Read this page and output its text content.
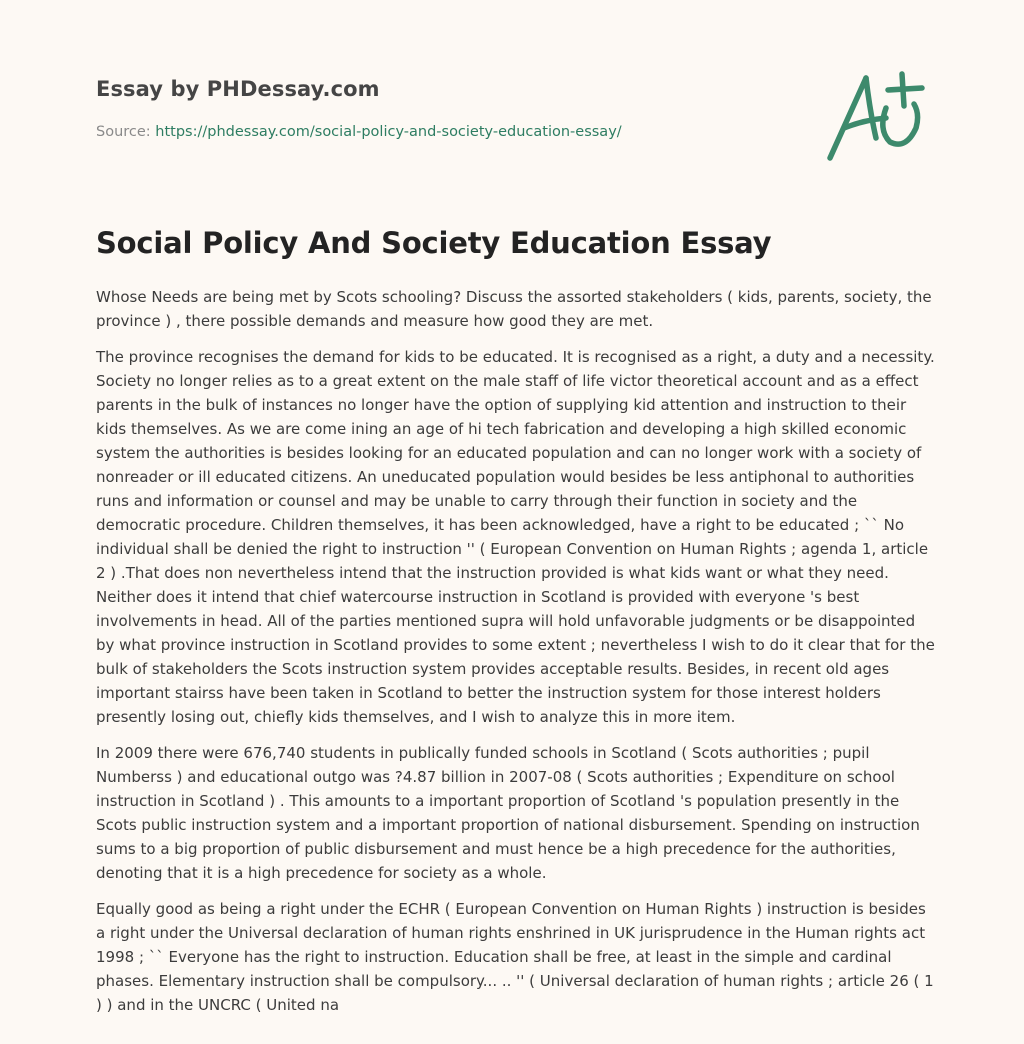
Essay by PHDessay.com

Source: https://phdessay.com/social-policy-and-society-education-essay/

Social Policy And Society Education Essay

Whose Needs are being met by Scots schooling? Discuss the assorted stakeholders ( kids, parents, society, the province ) , there possible demands and measure how good they are met.

The province recognises the demand for kids to be educated. It is recognised as a right, a duty and a necessity. Society no longer relies as to a great extent on the male staff of life victor theoretical account and as a effect parents in the bulk of instances no longer have the option of supplying kid attention and instruction to their kids themselves. As we are come ining an age of hi tech fabrication and developing a high skilled economic system the authorities is besides looking for an educated population and can no longer work with a society of nonreader or ill educated citizens. An uneducated population would besides be less antiphonal to authorities runs and information or counsel and may be unable to carry through their function in society and the democratic procedure. Children themselves, it has been acknowledged, have a right to be educated ; `` No individual shall be denied the right to instruction '' ( European Convention on Human Rights ; agenda 1, article 2 ) .That does non nevertheless intend that the instruction provided is what kids want or what they need. Neither does it intend that chief watercourse instruction in Scotland is provided with everyone 's best involvements in head. All of the parties mentioned supra will hold unfavorable judgments or be disappointed by what province instruction in Scotland provides to some extent ; nevertheless I wish to do it clear that for the bulk of stakeholders the Scots instruction system provides acceptable results. Besides, in recent old ages important stairss have been taken in Scotland to better the instruction system for those interest holders presently losing out, chiefly kids themselves, and I wish to analyze this in more item.

In 2009 there were 676,740 students in publically funded schools in Scotland ( Scots authorities ; pupil Numberss ) and educational outgo was ?4.87 billion in 2007-08 ( Scots authorities ; Expenditure on school instruction in Scotland ) . This amounts to a important proportion of Scotland 's population presently in the Scots public instruction system and a important proportion of national disbursement. Spending on instruction sums to a big proportion of public disbursement and must hence be a high precedence for the authorities, denoting that it is a high precedence for society as a whole.

Equally good as being a right under the ECHR ( European Convention on Human Rights ) instruction is besides a right under the Universal declaration of human rights enshrined in UK jurisprudence in the Human rights act 1998 ; `` Everyone has the right to instruction. Education shall be free, at least in the simple and cardinal phases. Elementary instruction shall be compulsory... .. '' ( Universal declaration of human rights ; article 26 ( 1 ) ) and in the UNCRC ( United na
